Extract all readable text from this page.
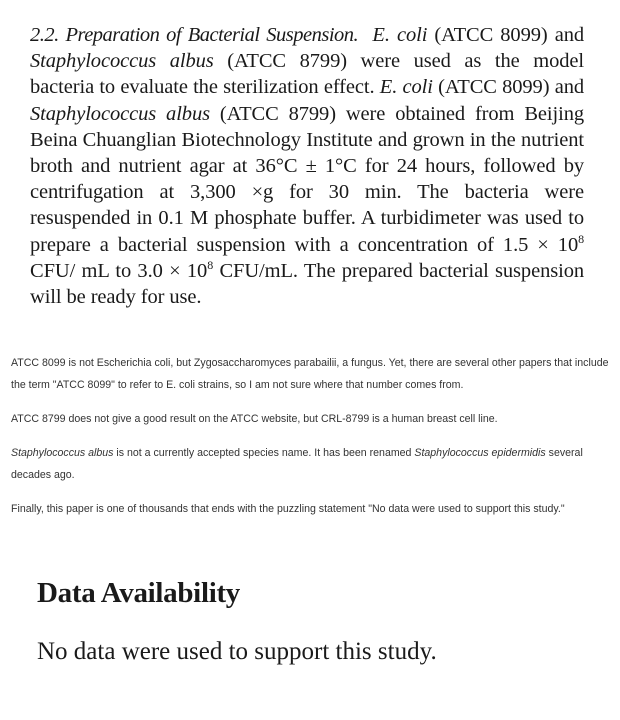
2.2. Preparation of Bacterial Suspension. E. coli (ATCC 8099) and Staphylococcus albus (ATCC 8799) were used as the model bacteria to evaluate the sterilization effect. E. coli (ATCC 8099) and Staphylococcus albus (ATCC 8799) were obtained from Beijing Beina Chuanglian Biotechnology Institute and grown in the nutrient broth and nutrient agar at 36°C ± 1°C for 24 hours, followed by centrifugation at 3,300 ×g for 30 min. The bacteria were resuspended in 0.1 M phosphate buffer. A turbidimeter was used to prepare a bacterial suspension with a concentration of $1.5 \times 10^8$ CFU/ mL to $3.0 \times 10^8$ CFU/mL. The prepared bacterial suspension will be ready for use.

ATCC 8099 is not Escherichia coli, but Zygosaccharomyces parabailii, a fungus. Yet, there are several other papers that include the term "ATCC 8099" to refer to E. coli strains, so I am not sure where that number comes from.

ATCC 8799 does not give a good result on the ATCC website, but CRL-8799 is a human breast cell line.

Staphylococcus albus is not a currently accepted species name. It has been renamed Staphylococcus epidermidis several decades ago.

Finally, this paper is one of thousands that ends with the puzzling statement "No data were used to support this study."

Data Availability

No data were used to support this study.
